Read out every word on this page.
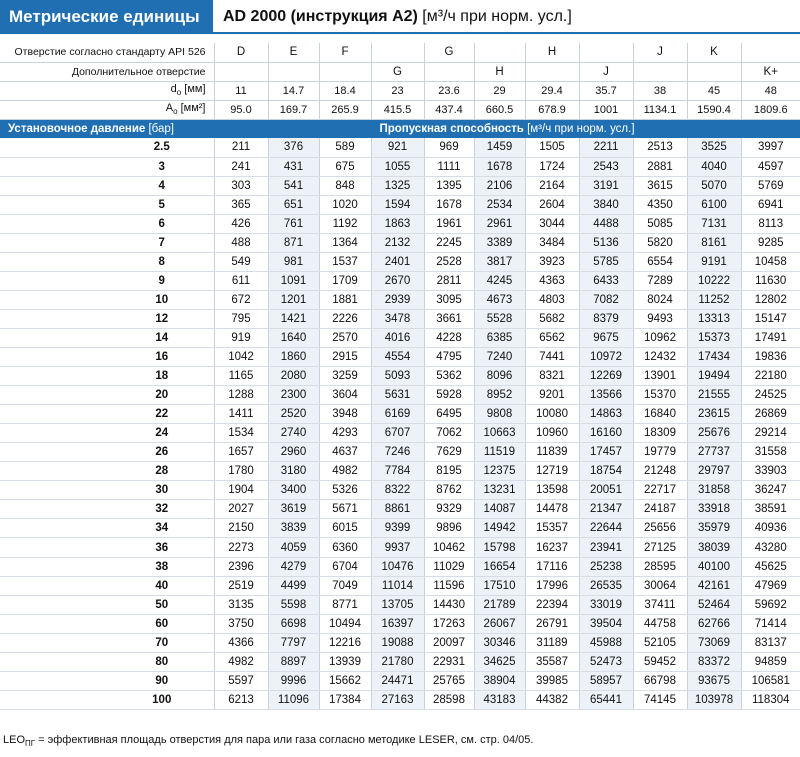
Метрические единицы	AD 2000 (инструкция A2) [м³/ч при норм. усл.]
Отверстие согласно стандарту API 526	D	E	F		G		H		J	K	
Дополнительное отверстие				G		H		J			K+
$d_o$ [мм]	11	14.7	18.4	23	23.6	29	29.4	35.7	38	45	48
$A_o$ [мм²]	95.0	169.7	265.9	415.5	437.4	660.5	678.9	1001	1134.1	1590.4	1809.6
Установочное давление [бар]	Пропускная способность [м³/ч при норм. усл.]										
2.5	211	376	589	921	969	1459	1505	2211	2513	3525	3997
3	241	431	675	1055	1111	1678	1724	2543	2881	4040	4597
4	303	541	848	1325	1395	2106	2164	3191	3615	5070	5769
5	365	651	1020	1594	1678	2534	2604	3840	4350	6100	6941
6	426	761	1192	1863	1961	2961	3044	4488	5085	7131	8113
7	488	871	1364	2132	2245	3389	3484	5136	5820	8161	9285
8	549	981	1537	2401	2528	3817	3923	5785	6554	9191	10458
9	611	1091	1709	2670	2811	4245	4363	6433	7289	10222	11630
10	672	1201	1881	2939	3095	4673	4803	7082	8024	11252	12802
12	795	1421	2226	3478	3661	5528	5682	8379	9493	13313	15147
14	919	1640	2570	4016	4228	6385	6562	9675	10962	15373	17491
16	1042	1860	2915	4554	4795	7240	7441	10972	12432	17434	19836
18	1165	2080	3259	5093	5362	8096	8321	12269	13901	19494	22180
20	1288	2300	3604	5631	5928	8952	9201	13566	15370	21555	24525
22	1411	2520	3948	6169	6495	9808	10080	14863	16840	23615	26869
24	1534	2740	4293	6707	7062	10663	10960	16160	18309	25676	29214
26	1657	2960	4637	7246	7629	11519	11839	17457	19779	27737	31558
28	1780	3180	4982	7784	8195	12375	12719	18754	21248	29797	33903
30	1904	3400	5326	8322	8762	13231	13598	20051	22717	31858	36247
32	2027	3619	5671	8861	9329	14087	14478	21347	24187	33918	38591
34	2150	3839	6015	9399	9896	14942	15357	22644	25656	35979	40936
36	2273	4059	6360	9937	10462	15798	16237	23941	27125	38039	43280
38	2396	4279	6704	10476	11029	16654	17116	25238	28595	40100	45625
40	2519	4499	7049	11014	11596	17510	17996	26535	30064	42161	47969
50	3135	5598	8771	13705	14430	21789	22394	33019	37411	52464	59692
60	3750	6698	10494	16397	17263	26067	26791	39504	44758	62766	71414
70	4366	7797	12216	19088	20097	30346	31189	45988	52105	73069	83137
80	4982	8897	13939	21780	22931	34625	35587	52473	59452	83372	94859
90	5597	9996	15662	24471	25765	38904	39985	58957	66798	93675	106581
100	6213	11096	17384	27163	28598	43183	44382	65441	74145	103978	118304
$LEO_{ПГ}$ = эффективная площадь отверстия для пара или газа согласно методике LESER, см. стр. 04/05.
